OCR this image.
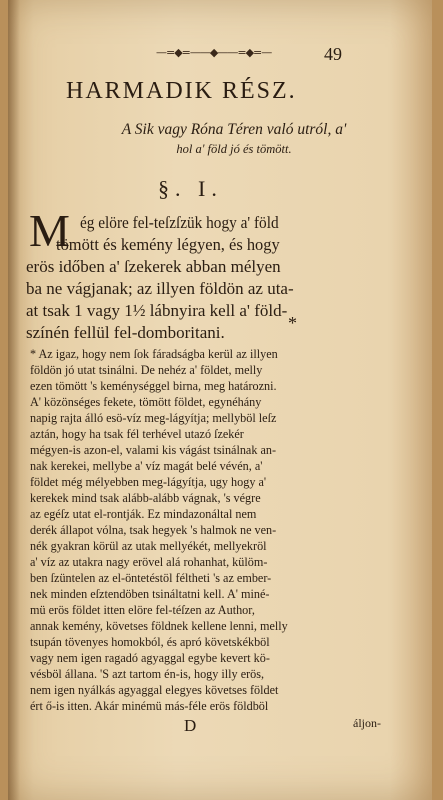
—=◆=——◆——=◆=—	49
HARMADIK RÉSZ.
A Sik vagy Róna Téren való utról, a'
hol a' föld jó és tömött.
§. I.
M ég elöre fel-teſzſzük hogy a' föld
tömött és kemény légyen, és hogy
erös időben a' ſzekerek abban mélyen
ba ne vágjanak; az illyen földön az uta-
at tsak 1 vagy 1½ lábnyira kell a' föld-
színén fellül fel-domboritani.	*
* Az igaz, hogy nem ſok fáradságba kerül az illyen
földön jó utat tsinálni. De nehéz a' földet, melly
ezen tömött 's keménységgel birna, meg határozni.
A' közönséges fekete, tömött földet, egynéhány
napig rajta álló esö-víz meg-lágyítja; mellyböl leſz
aztán, hogy ha tsak fél terhével utazó ſzekér
mégyen-is azon-el, valami kis vágást tsinálnak an-
nak kerekei, mellybe a' víz magát belé vévén, a'
földet még mélyebben meg-lágyítja, ugy hogy a'
kerekek mind tsak alább-alább vágnak, 's végre
az egéſz utat el-rontják. Ez mindazonáltal nem
derék állapot vólna, tsak hegyek 's halmok ne ven-
nék gyakran körül az utak mellyékét, mellyekröl
a' víz az utakra nagy erövel alá rohanhat, külöm-
ben ſzüntelen az el-öntetéstöl féltheti 's az ember-
nek minden eſztendöben tsináltatni kell. A' miné-
mü erös földet itten elöre fel-téſzen az Author,
annak kemény, követses földnek kellene lenni, melly
tsupán tövenyes homokból, és apró követskékböl
vagy nem igen ragadó agyaggal egybe kevert kö-
vésböl állana. 'S azt tartom én-is, hogy illy erös,
nem igen nyálkás agyaggal elegyes követses földet
ért ő-is itten. Akár minémü más-féle erös földböl
D	áljon-
